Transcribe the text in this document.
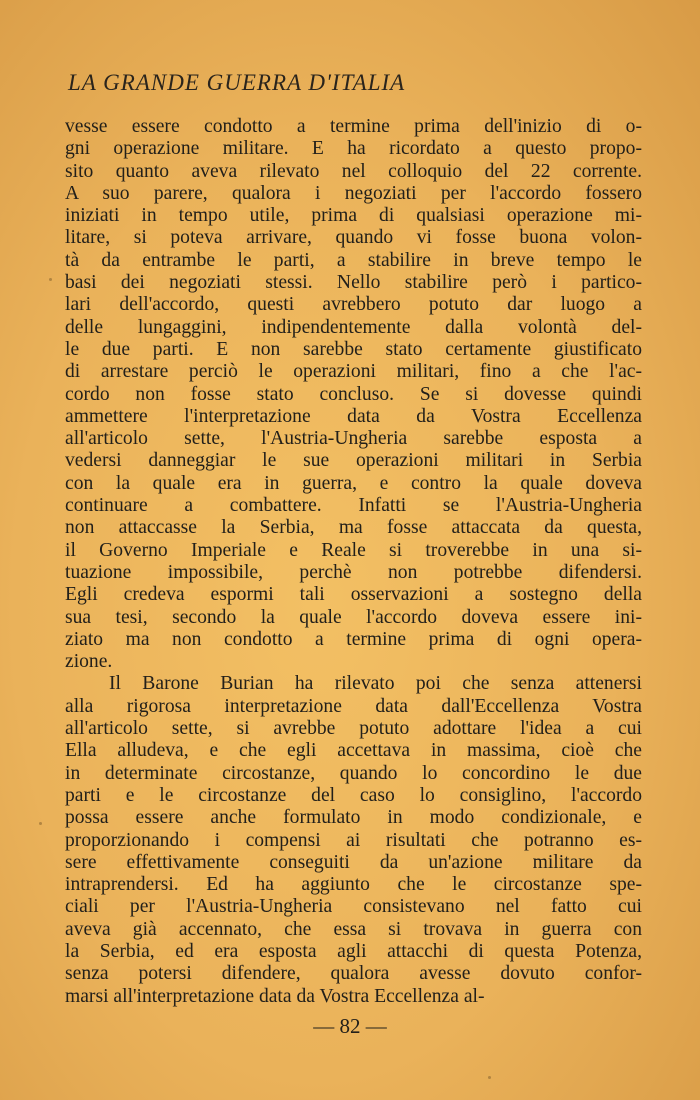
LA GRANDE GUERRA D'ITALIA

vesse essere condotto a termine prima dell'inizio di o-
gni operazione militare. E ha ricordato a questo propo-
sito quanto aveva rilevato nel colloquio del 22 corrente.
A suo parere, qualora i negoziati per l'accordo fossero
iniziati in tempo utile, prima di qualsiasi operazione mi-
litare, si poteva arrivare, quando vi fosse buona volon-
tà da entrambe le parti, a stabilire in breve tempo le
basi dei negoziati stessi. Nello stabilire però i partico-
lari dell'accordo, questi avrebbero potuto dar luogo a
delle lungaggini, indipendentemente dalla volontà del-
le due parti. E non sarebbe stato certamente giustificato
di arrestare perciò le operazioni militari, fino a che l'ac-
cordo non fosse stato concluso. Se si dovesse quindi
ammettere l'interpretazione data da Vostra Eccellenza
all'articolo sette, l'Austria-Ungheria sarebbe esposta a
vedersi danneggiar le sue operazioni militari in Serbia
con la quale era in guerra, e contro la quale doveva
continuare a combattere. Infatti se l'Austria-Ungheria
non attaccasse la Serbia, ma fosse attaccata da questa,
il Governo Imperiale e Reale si troverebbe in una si-
tuazione impossibile, perchè non potrebbe difendersi.
Egli credeva espormi tali osservazioni a sostegno della
sua tesi, secondo la quale l'accordo doveva essere ini-
ziato ma non condotto a termine prima di ogni opera-
zione.

Il Barone Burian ha rilevato poi che senza attenersi
alla rigorosa interpretazione data dall'Eccellenza Vostra
all'articolo sette, si avrebbe potuto adottare l'idea a cui
Ella alludeva, e che egli accettava in massima, cioè che
in determinate circostanze, quando lo concordino le due
parti e le circostanze del caso lo consiglino, l'accordo
possa essere anche formulato in modo condizionale, e
proporzionando i compensi ai risultati che potranno es-
sere effettivamente conseguiti da un'azione militare da
intraprendersi. Ed ha aggiunto che le circostanze spe-
ciali per l'Austria-Ungheria consistevano nel fatto cui
aveva già accennato, che essa si trovava in guerra con
la Serbia, ed era esposta agli attacchi di questa Potenza,
senza potersi difendere, qualora avesse dovuto confor-
marsi all'interpretazione data da Vostra Eccellenza al-

— 82 —
